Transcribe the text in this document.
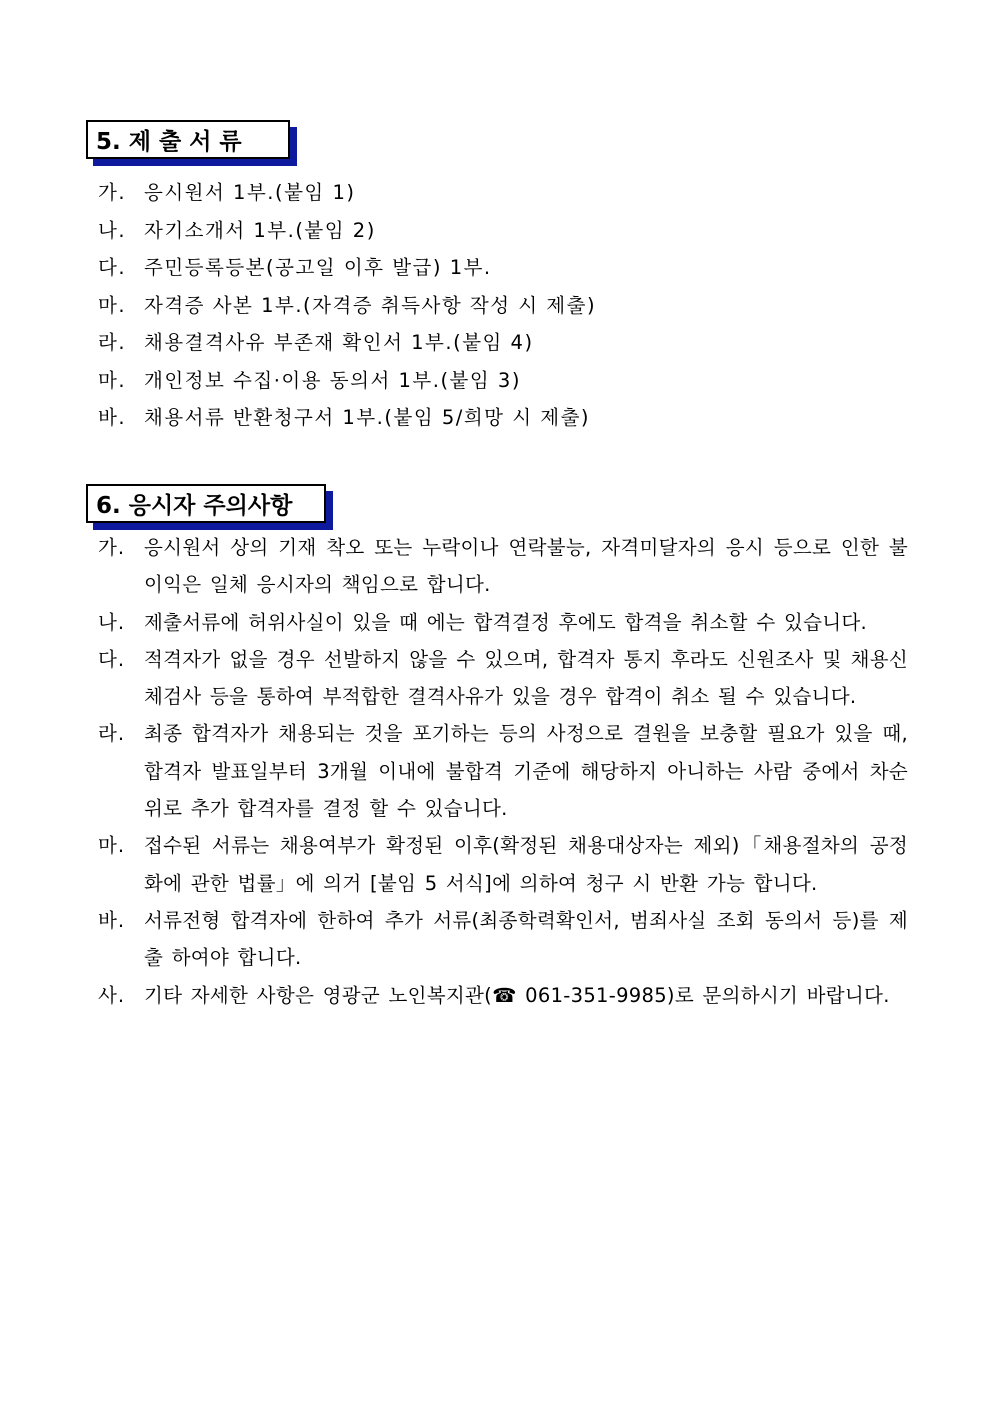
5. 제 출 서 류
가. 응시원서 1부.(붙임 1)
나. 자기소개서 1부.(붙임 2)
다. 주민등록등본(공고일 이후 발급) 1부.
마. 자격증 사본 1부.(자격증 취득사항 작성 시 제출)
라. 채용결격사유 부존재 확인서 1부.(붙임 4)
마. 개인정보 수집·이용 동의서 1부.(붙임 3)
바. 채용서류 반환청구서 1부.(붙임 5/희망 시 제출)
6. 응시자 주의사항
가. 응시원서 상의 기재 착오 또는 누락이나 연락불능, 자격미달자의 응시 등으로 인한 불이익은 일체 응시자의 책임으로 합니다.
나. 제출서류에 허위사실이 있을 때 에는 합격결정 후에도 합격을 취소할 수 있습니다.
다. 적격자가 없을 경우 선발하지 않을 수 있으며, 합격자 통지 후라도 신원조사 및 채용신체검사 등을 통하여 부적합한 결격사유가 있을 경우 합격이 취소 될 수 있습니다.
라. 최종 합격자가 채용되는 것을 포기하는 등의 사정으로 결원을 보충할 필요가 있을 때, 합격자 발표일부터 3개월 이내에 불합격 기준에 해당하지 아니하는 사람 중에서 차순위로 추가 합격자를 결정 할 수 있습니다.
마. 접수된 서류는 채용여부가 확정된 이후(확정된 채용대상자는 제외)「채용절차의 공정화에 관한 법률」에 의거 [붙임 5 서식]에 의하여 청구 시 반환 가능 합니다.
바. 서류전형 합격자에 한하여 추가 서류(최종학력확인서, 범죄사실 조회 동의서 등)를 제출 하여야 합니다.
사. 기타 자세한 사항은 영광군 노인복지관(☎ 061-351-9985)로 문의하시기 바랍니다.
